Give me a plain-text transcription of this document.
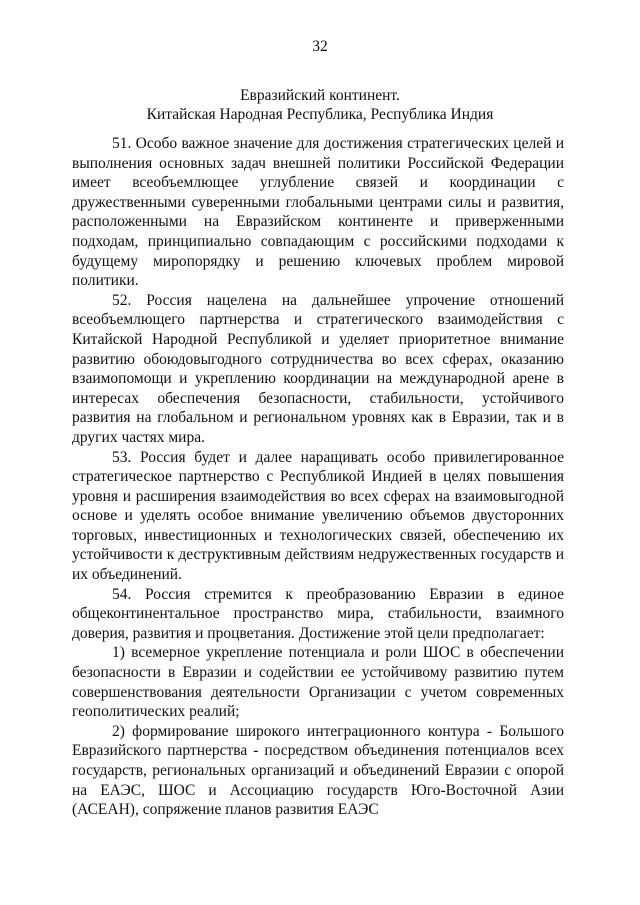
32
Евразийский континент.
Китайская Народная Республика, Республика Индия

51. Особо важное значение для достижения стратегических целей и выполнения основных задач внешней политики Российской Федерации имеет всеобъемлющее углубление связей и координации с дружественными суверенными глобальными центрами силы и развития, расположенными на Евразийском континенте и приверженными подходам, принципиально совпадающим с российскими подходами к будущему миропорядку и решению ключевых проблем мировой политики.

52. Россия нацелена на дальнейшее упрочение отношений всеобъемлющего партнерства и стратегического взаимодействия с Китайской Народной Республикой и уделяет приоритетное внимание развитию обоюдовыгодного сотрудничества во всех сферах, оказанию взаимопомощи и укреплению координации на международной арене в интересах обеспечения безопасности, стабильности, устойчивого развития на глобальном и региональном уровнях как в Евразии, так и в других частях мира.

53. Россия будет и далее наращивать особо привилегированное стратегическое партнерство с Республикой Индией в целях повышения уровня и расширения взаимодействия во всех сферах на взаимовыгодной основе и уделять особое внимание увеличению объемов двусторонних торговых, инвестиционных и технологических связей, обеспечению их устойчивости к деструктивным действиям недружественных государств и их объединений.

54. Россия стремится к преобразованию Евразии в единое общеконтинентальное пространство мира, стабильности, взаимного доверия, развития и процветания. Достижение этой цели предполагает:

1) всемерное укрепление потенциала и роли ШОС в обеспечении безопасности в Евразии и содействии ее устойчивому развитию путем совершенствования деятельности Организации с учетом современных геополитических реалий;

2) формирование широкого интеграционного контура - Большого Евразийского партнерства - посредством объединения потенциалов всех государств, региональных организаций и объединений Евразии с опорой на ЕАЭС, ШОС и Ассоциацию государств Юго-Восточной Азии (АСЕАН), сопряжение планов развития ЕАЭС
